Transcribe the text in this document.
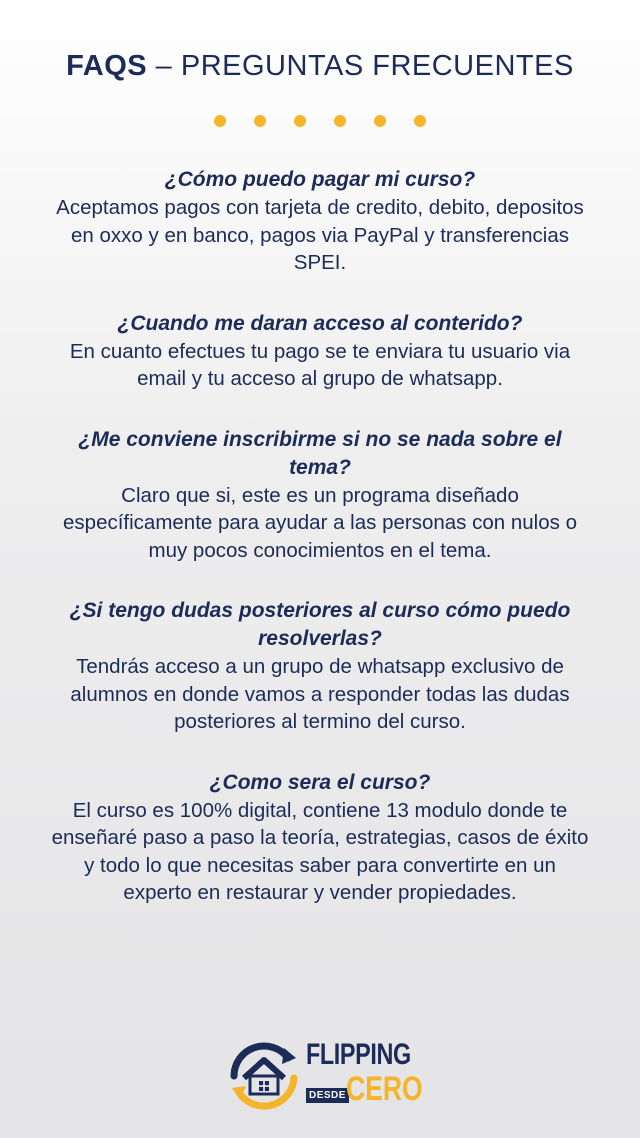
FAQS – PREGUNTAS FRECUENTES
¿Cómo puedo pagar mi curso?
Aceptamos pagos con tarjeta de credito, debito, depositos en oxxo y en banco, pagos via PayPal y transferencias SPEI.
¿Cuando me daran acceso al conterido?
En cuanto efectues tu pago se te enviara tu usuario via email y tu acceso al grupo de whatsapp.
¿Me conviene inscribirme si no se nada sobre el tema?
Claro que si, este es un programa diseñado específicamente para ayudar a las personas con nulos o muy pocos conocimientos en el tema.
¿Si tengo dudas posteriores al curso cómo puedo resolverlas?
Tendrás acceso a un grupo de whatsapp exclusivo de alumnos en donde vamos a responder todas las dudas posteriores al termino del curso.
¿Como sera el curso?
El curso es 100% digital, contiene 13 modulo donde te enseñaré paso a paso la teoría, estrategias, casos de éxito y todo lo que necesitas saber para convertirte en un experto en restaurar y vender propiedades.
FLIPPING
DESDE CERO
